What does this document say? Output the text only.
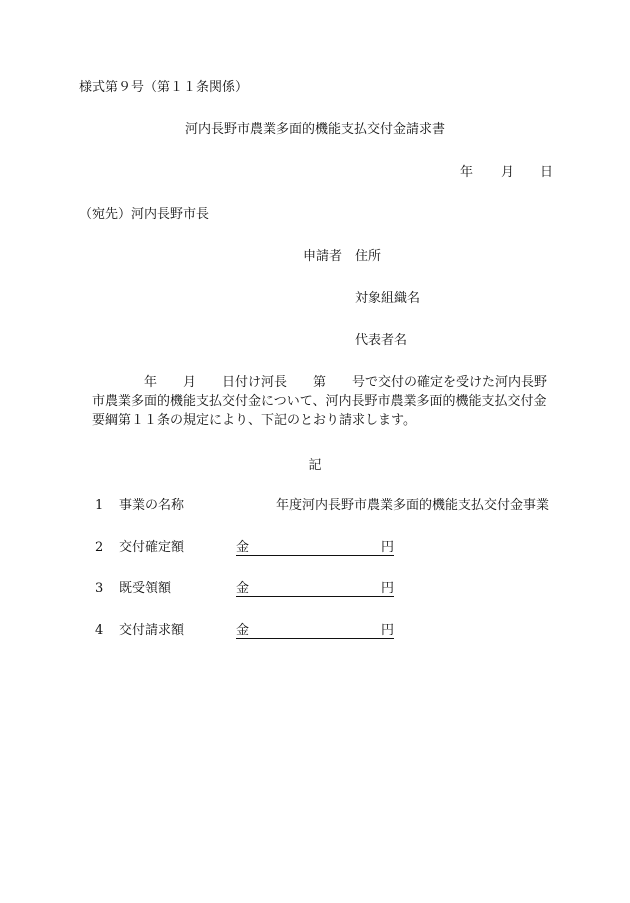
様式第９号（第１１条関係）
河内長野市農業多面的機能支払交付金請求書
年 月 日
（宛先）河内長野市長
申請者 住所
対象組織名
代表者名
　　　　年　　月　　日付け河長　　第　　号で交付の確定を受けた河内長野
市農業多面的機能支払交付金について、河内長野市農業多面的機能支払交付金
要綱第１１条の規定により、下記のとおり請求します。
記
1 事業の名称	年度河内長野市農業多面的機能支払交付金事業
2 交付確定額	金	円
3 既受領額	金	円
4 交付請求額	金	円
